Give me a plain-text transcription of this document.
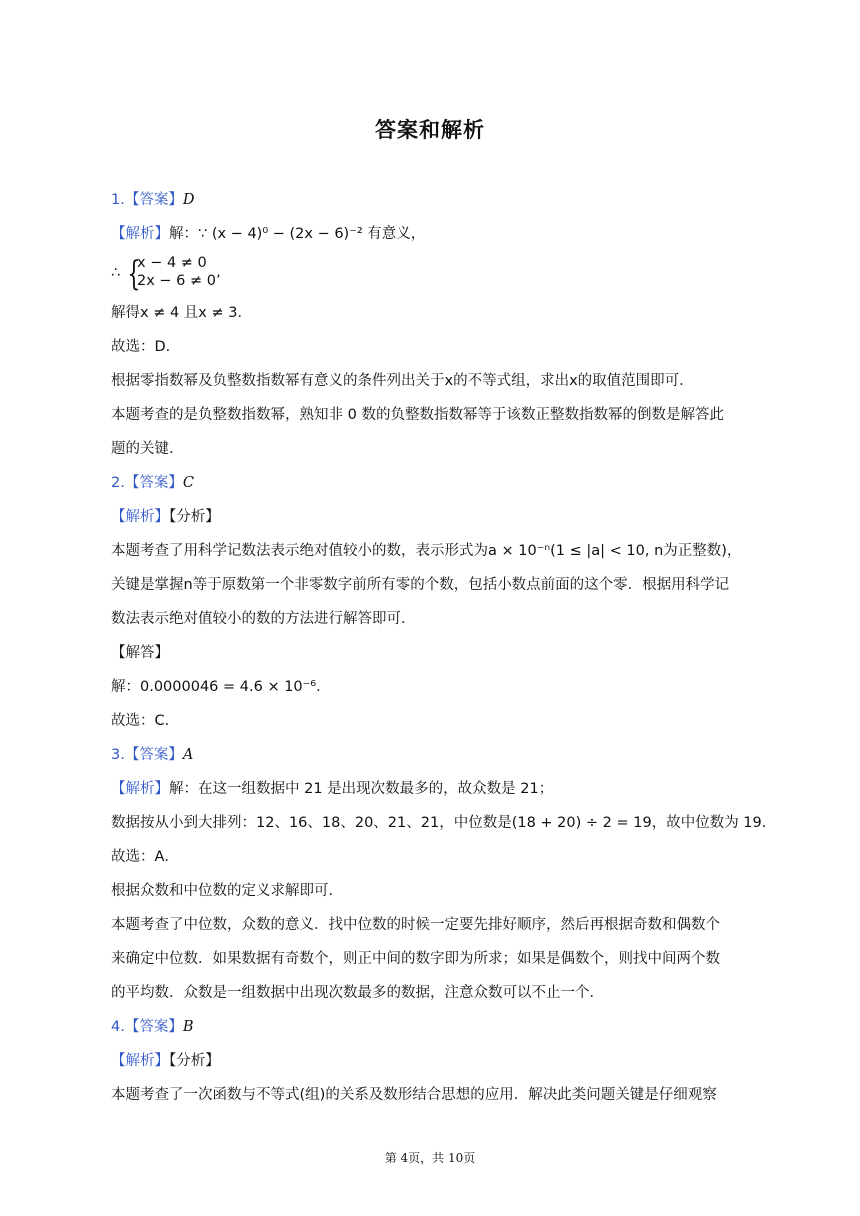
答案和解析
1.【答案】D
【解析】解：∵ (x − 4)⁰ − (2x − 6)⁻² 有意义，
∴ {
x − 4 ≠ 0
2x − 6 ≠ 0’
解得x ≠ 4 且x ≠ 3．
故选：D．
根据零指数幂及负整数指数幂有意义的条件列出关于x的不等式组，求出x的取值范围即可．
本题考查的是负整数指数幂，熟知非 0 数的负整数指数幂等于该数正整数指数幂的倒数是解答此
题的关键．
2.【答案】C
【解析】【分析】
本题考查了用科学记数法表示绝对值较小的数，表示形式为a × 10⁻ⁿ(1 ≤ |a| < 10, n为正整数)，
关键是掌握n等于原数第一个非零数字前所有零的个数，包括小数点前面的这个零．根据用科学记
数法表示绝对值较小的数的方法进行解答即可．
【解答】
解：0.0000046 = 4.6 × 10⁻⁶．
故选：C．
3.【答案】A
【解析】解：在这一组数据中 21 是出现次数最多的，故众数是 21；
数据按从小到大排列：12、16、18、20、21、21，中位数是(18 + 20) ÷ 2 = 19，故中位数为 19．
故选：A．
根据众数和中位数的定义求解即可．
本题考查了中位数，众数的意义．找中位数的时候一定要先排好顺序，然后再根据奇数和偶数个
来确定中位数．如果数据有奇数个，则正中间的数字即为所求；如果是偶数个，则找中间两个数
的平均数．众数是一组数据中出现次数最多的数据，注意众数可以不止一个．
4.【答案】B
【解析】【分析】
本题考查了一次函数与不等式(组)的关系及数形结合思想的应用．解决此类问题关键是仔细观察
第 4页，共 10页
